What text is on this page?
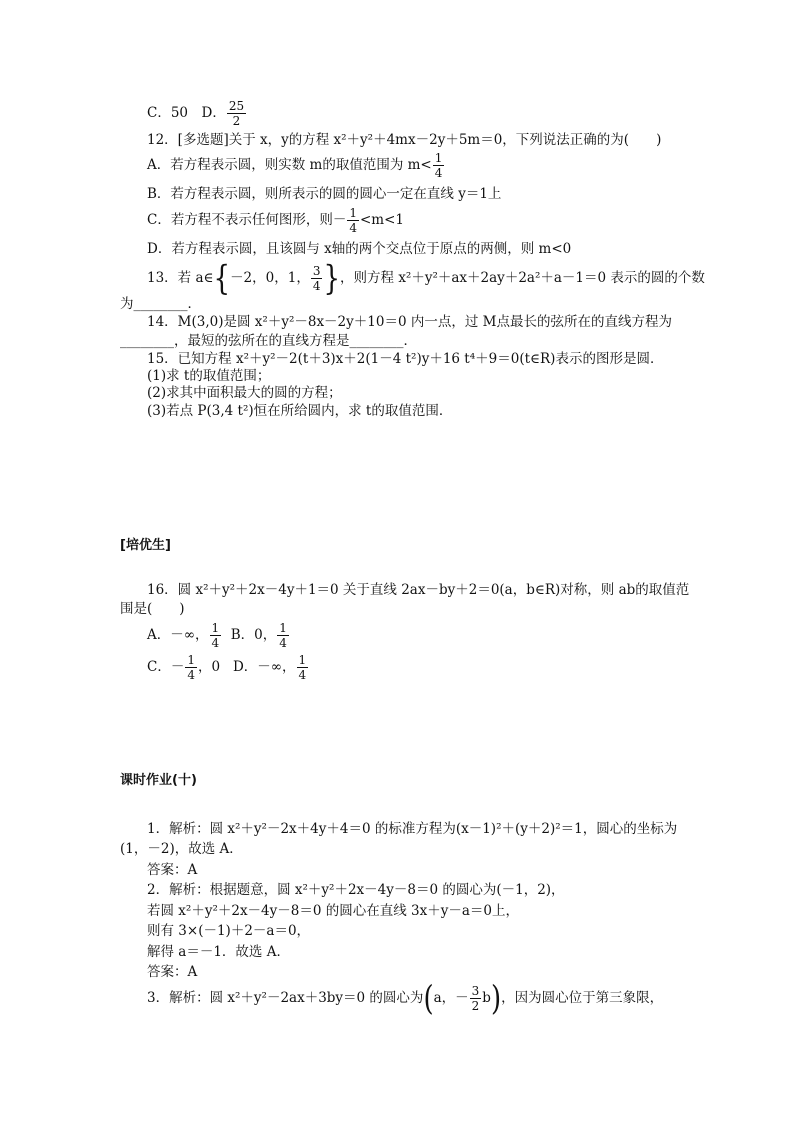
C．50　D． $\frac{25}{2}$
12．[多选题]关于 x，y的方程 x²＋y²＋4mx－2y＋5m＝0，下列说法正确的为(　　)
A．若方程表示圆，则实数 m的取值范围为 $m< \frac{1}{4}$
B．若方程表示圆，则所表示的圆的圆心一定在直线 y＝1上
C．若方程不表示任何图形，则－ $\frac{1}{4} <m<1$
D．若方程表示圆，且该圆与 x轴的两个交点位于原点的两侧，则 m<0
13．若 a∈{－2，0，1， $\frac{3}{4}$ }，则方程 x²＋y²＋ax＋2ay＋2a²＋a－1＝0 表示的圆的个数
为________．
14．M(3,0)是圆 x²＋y²－8x－2y＋10＝0 内一点，过 M点最长的弦所在的直线方程为
________，最短的弦所在的直线方程是________．
15．已知方程 x²＋y²－2(t＋3)x＋2(1－4 t²)y＋16 t⁴＋9＝0(t∈R)表示的图形是圆．
(1)求 t的取值范围；
(2)求其中面积最大的圆的方程；
(3)若点 P(3,4 t²)恒在所给圆内，求 t的取值范围．
[培优生]
16．圆 x²＋y²＋2x－4y＋1＝0 关于直线 2ax－by＋2＝0(a，b∈R)对称，则 ab的取值范
围是(　　)
A．－∞， $\frac{1}{4}$ B．0， $\frac{1}{4}$
C．－ $\frac{1}{4}$ ，0 D．－∞， $\frac{1}{4}$
课时作业(十)
1．解析：圆 x²＋y²－2x＋4y＋4＝0 的标准方程为(x－1)²＋(y＋2)²＝1，圆心的坐标为
(1，－2)，故选 A．
答案：A
2．解析：根据题意，圆 x²＋y²＋2x－4y－8＝0 的圆心为(－1，2)，
若圆 x²＋y²＋2x－4y－8＝0 的圆心在直线 3x＋y－a＝0上，
则有 3×(－1)＋2－a＝0，
解得 a＝－1．故选 A．
答案：A
3．解析：圆 x²＋y²－2ax＋3by＝0 的圆心为(a，－ $\frac{3}{2} b$)，因为圆心位于第三象限，
